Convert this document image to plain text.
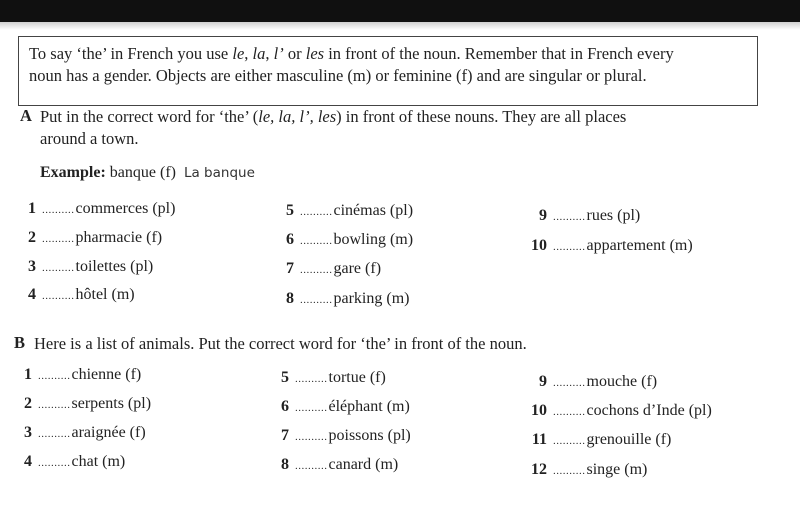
To say ‘the’ in French you use le, la, l’ or les in front of the noun. Remember that in French every
noun has a gender. Objects are either masculine (m) or feminine (f) and are singular or plural.
A Put in the correct word for ‘the’ (le, la, l’, les) in front of these nouns. They are all places
around a town.
Example: banque (f) La banque
1 .......... commerces (pl)
2 .......... pharmacie (f)
3 .......... toilettes (pl)
4 .......... hôtel (m)
5 .......... cinémas (pl)
6 .......... bowling (m)
7 .......... gare (f)
8 .......... parking (m)
9 .......... rues (pl)
10 .......... appartement (m)
B Here is a list of animals. Put the correct word for ‘the’ in front of the noun.
1 .......... chienne (f)
2 .......... serpents (pl)
3 .......... araignée (f)
4 .......... chat (m)
5 .......... tortue (f)
6 .......... éléphant (m)
7 .......... poissons (pl)
8 .......... canard (m)
9 .......... mouche (f)
10 .......... cochons d’Inde (pl)
11 .......... grenouille (f)
12 .......... singe (m)
